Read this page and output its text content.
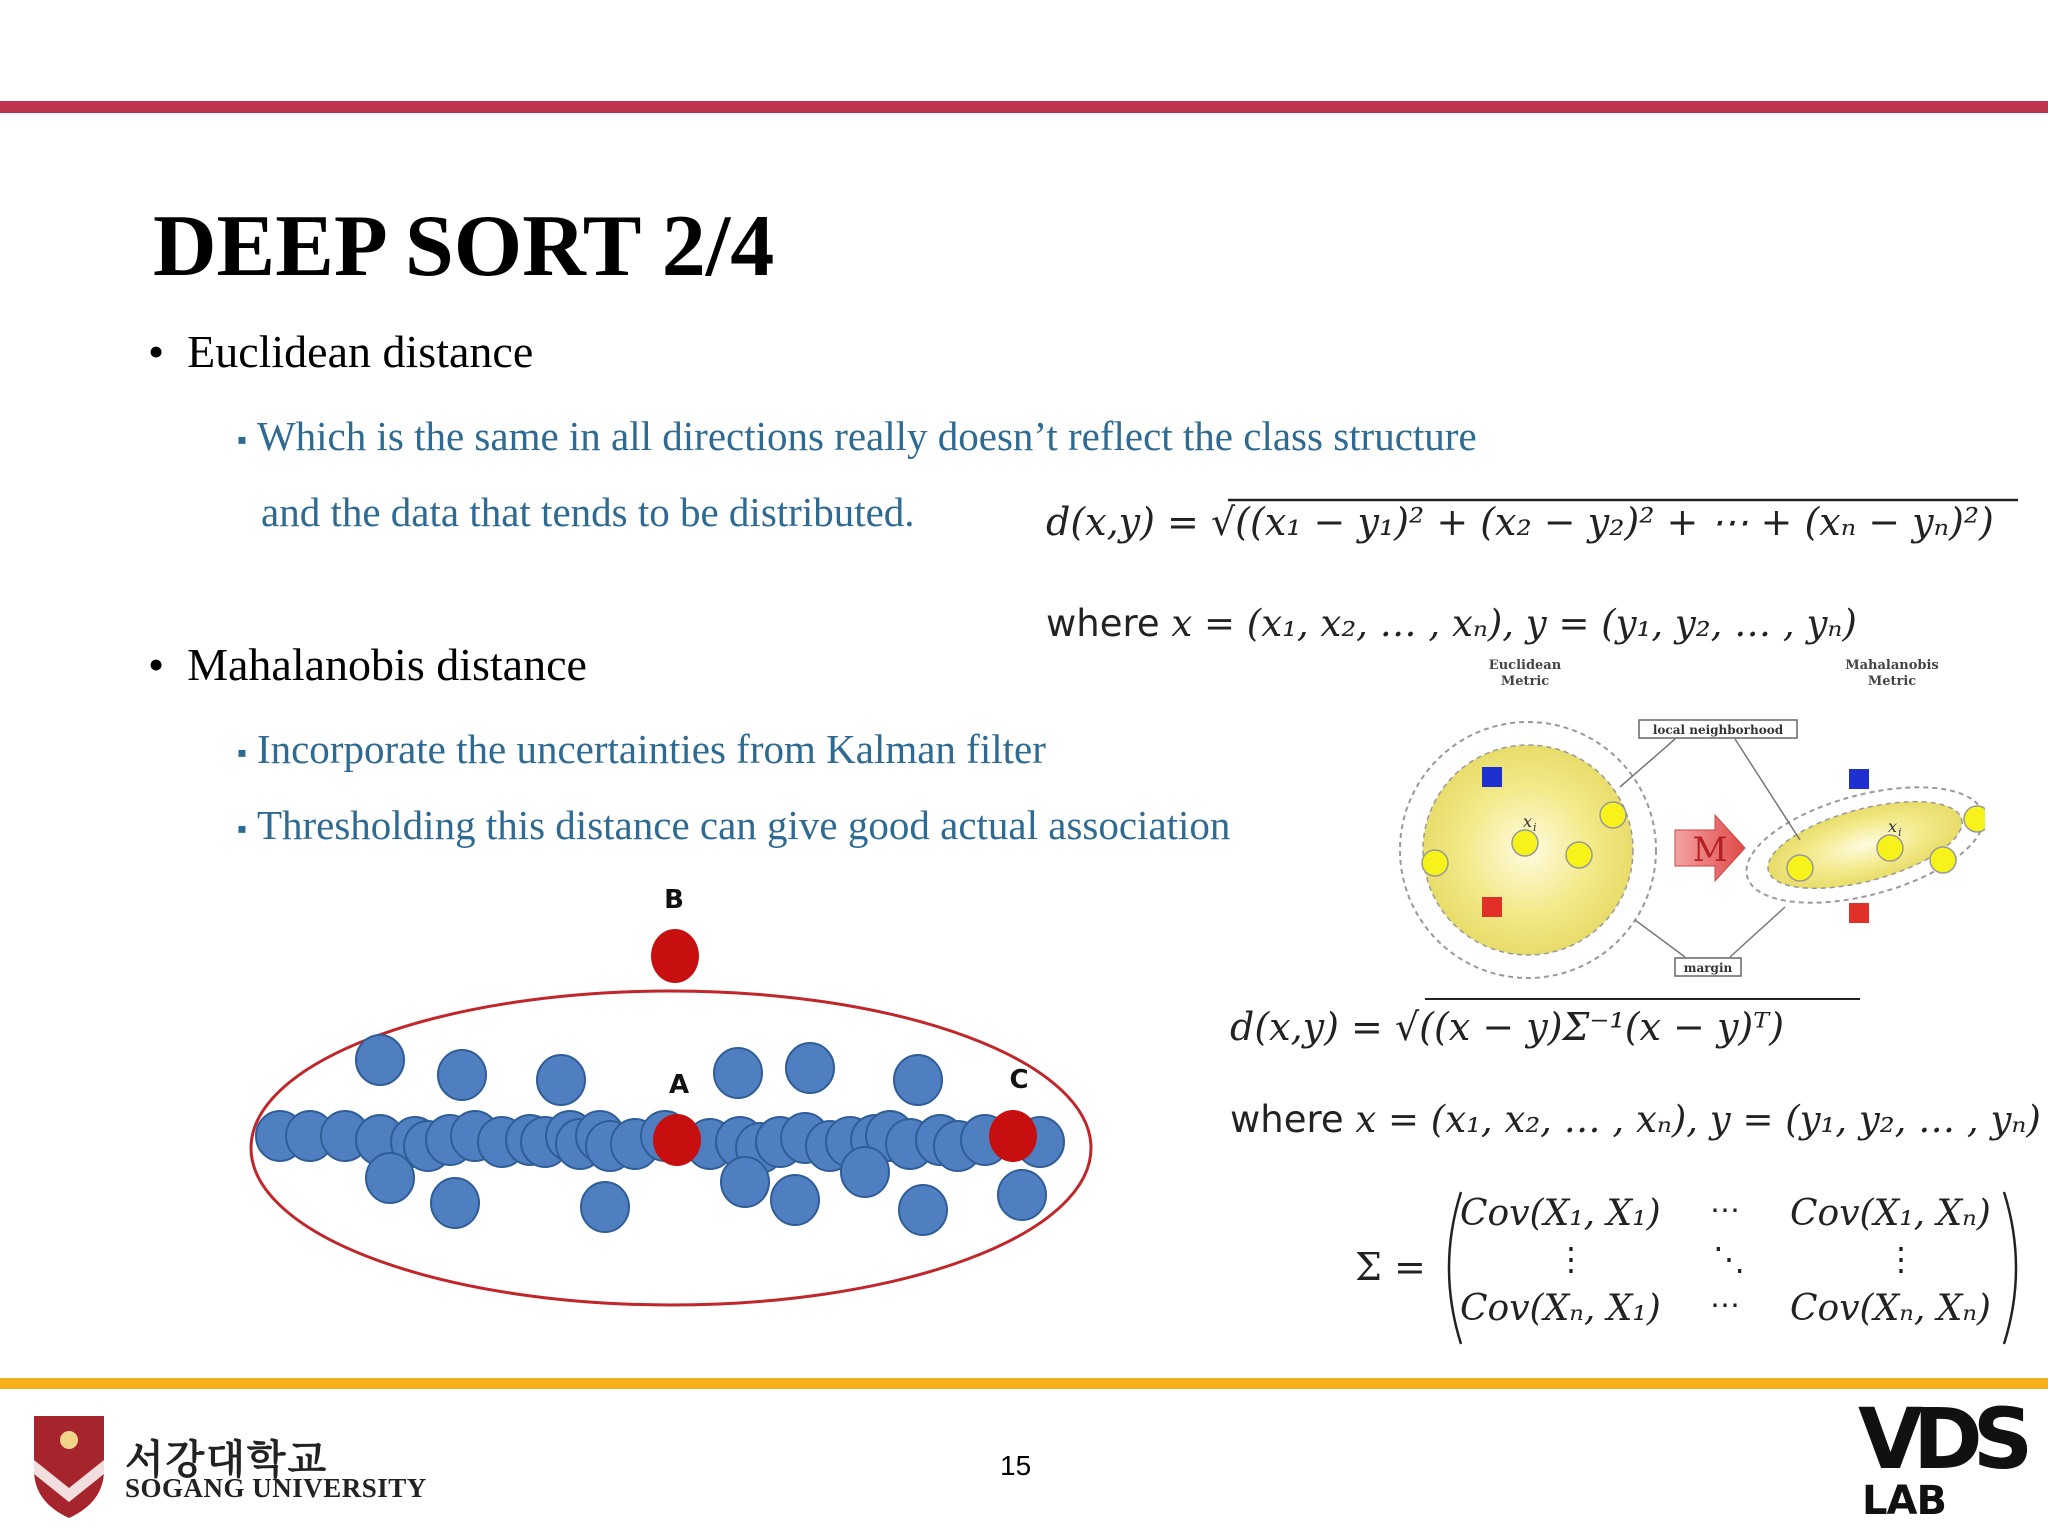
DEEP SORT 2/4
•  Euclidean distance
▪ Which is the same in all directions really doesn’t reflect the class structure
and the data that tends to be distributed.	d(x,y) = √((x₁ − y₁)² + (x₂ − y₂)² + ⋯ + (xₙ − yₙ)²)
where x = (x₁, x₂, … , xₙ), y = (y₁, y₂, … , yₙ)
•  Mahalanobis distance
▪ Incorporate the uncertainties from Kalman filter
▪ Thresholding this distance can give good actual association
Euclidean
Metric
Mahalanobis
Metric
local neighborhood
margin
M
x i	x i
B
A	C
d(x,y) = √((x − y)Σ⁻¹(x − y)ᵀ)
where x = (x₁, x₂, … , xₙ), y = (y₁, y₂, … , yₙ)
Σ =
Cov(X₁, X₁) ⋯ Cov(X₁, Xₙ)
⋮	⋱	⋮
Cov(Xₙ, X₁) ⋯ Cov(Xₙ, Xₙ)
서강대학교
SOGANG UNIVERSITY
15	VDS
LAB
